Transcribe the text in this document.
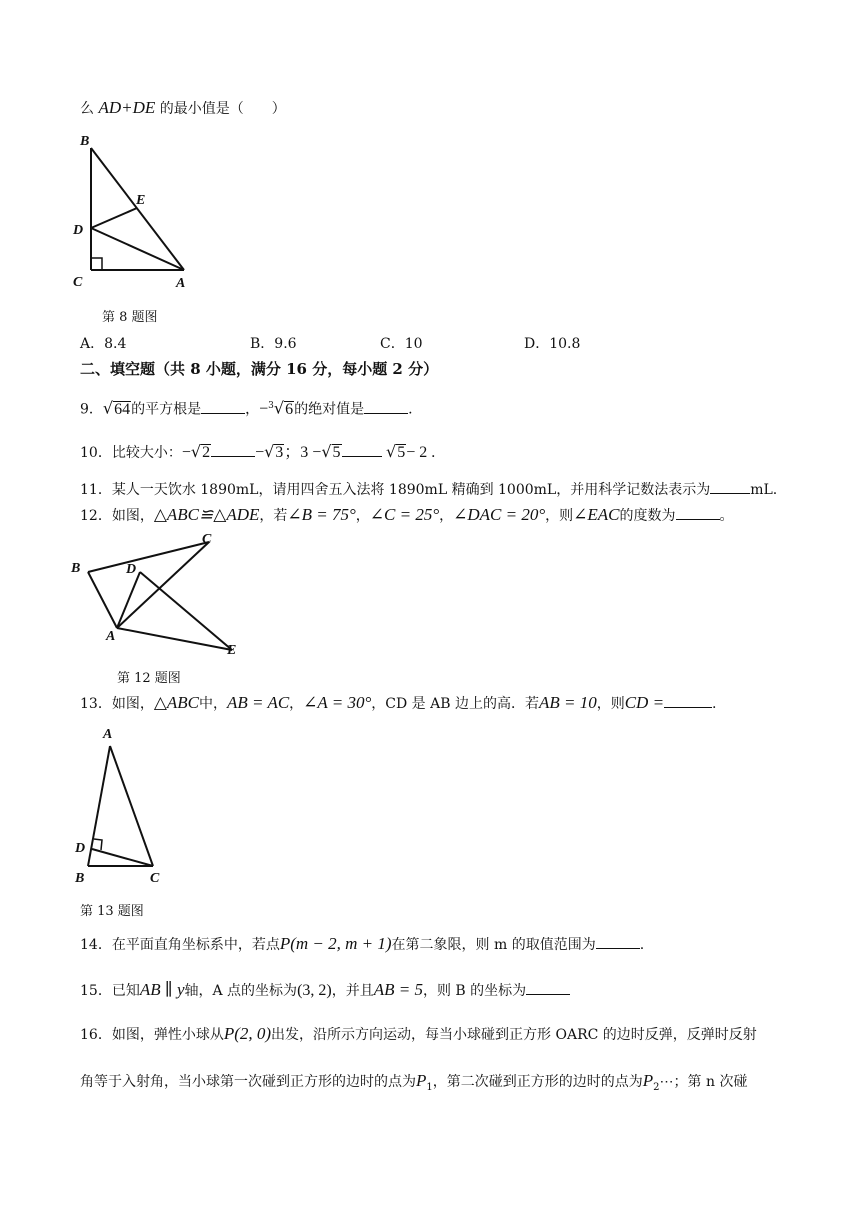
么 AD+DE 的最小值是（　　）
B
E
D
C	A
第 8 题图
A．8.4	B．9.6	C．10	D．10.8
二、填空题（共 8 小题，满分 16 分，每小题 2 分）
9．√64的平方根是	，−$^3$√6的绝对值是	.
10．比较大小：−√2	−√3；3 −√5	√5− 2 .
11．某人一天饮水 1890mL，请用四舍五入法将 1890mL 精确到 1000mL，并用科学记数法表示为	mL.
12．如图，△ABC≌△ADE，若∠B = 75°，∠C = 25°，∠DAC = 20°，则∠EAC的度数为	。
B
C
D
A
E
第 12 题图
13．如图，△ABC中，AB = AC，∠A = 30°，CD 是 AB 边上的高．若AB = 10，则CD =	.
A
D
B	C
第 13 题图
14．在平面直角坐标系中，若点P(m − 2, m + 1)在第二象限，则 m 的取值范围为	.
15．已知AB ∥ y轴，A 点的坐标为(3, 2)，并且AB = 5，则 B 的坐标为
16．如图，弹性小球从P(2, 0)出发，沿所示方向运动，每当小球碰到正方形 OARC 的边时反弹，反弹时反射
角等于入射角，当小球第一次碰到正方形的边时的点为$P_1$，第二次碰到正方形的边时的点为$P_2\cdots$；第 n 次碰
